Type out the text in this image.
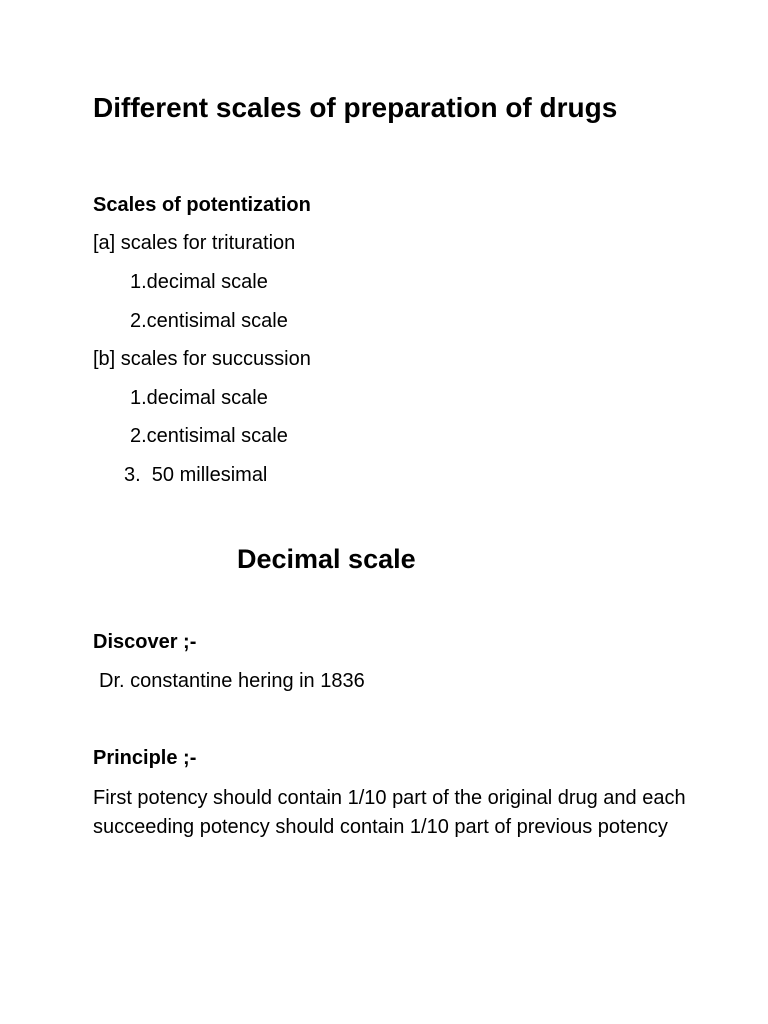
Different scales of preparation of drugs
Scales of potentization
[a] scales for trituration
1.decimal scale
2.centisimal scale
[b] scales for succussion
1.decimal scale
2.centisimal scale
3.  50 millesimal
Decimal scale
Discover ;-
Dr. constantine hering in 1836
Principle ;-

First potency should contain 1/10 part of the original drug and each succeeding potency should contain 1/10 part of previous potency
